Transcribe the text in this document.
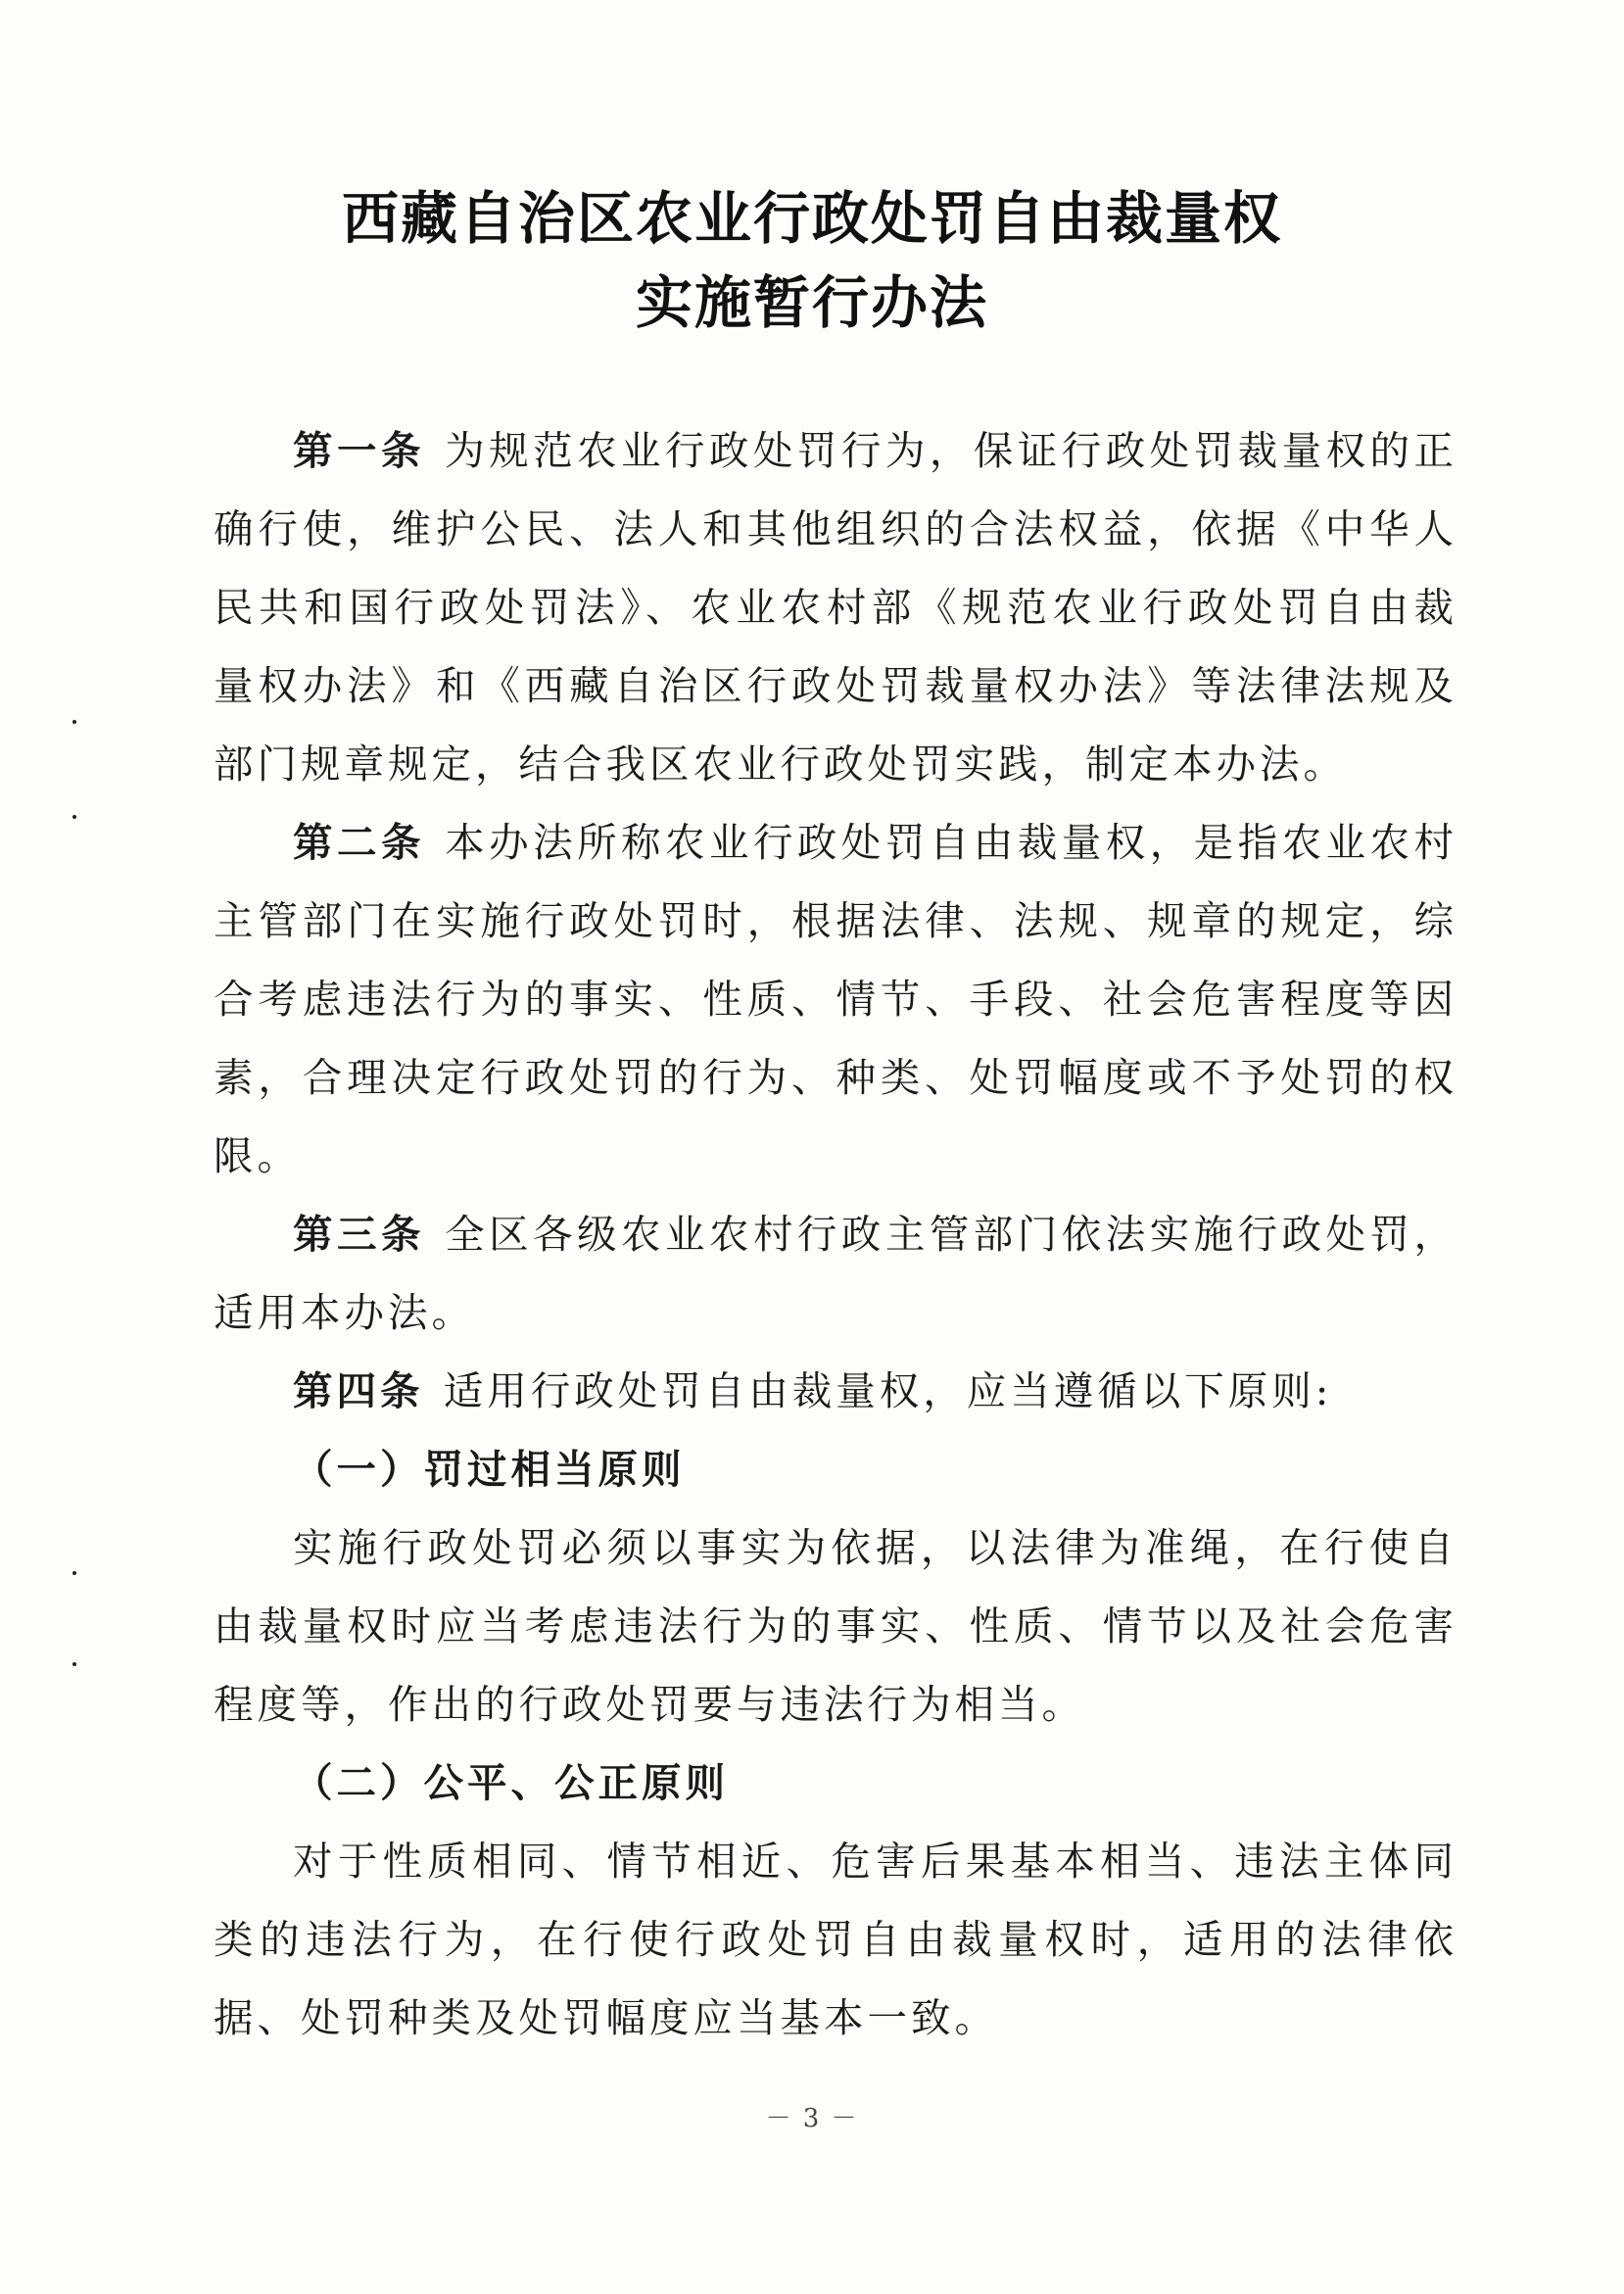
西藏自治区农业行政处罚自由裁量权
实施暂行办法

第一条 为规范农业行政处罚行为，保证行政处罚裁量权的正确行使，维护公民、法人和其他组织的合法权益，依据《中华人民共和国行政处罚法》、农业农村部《规范农业行政处罚自由裁量权办法》和《西藏自治区行政处罚裁量权办法》等法律法规及部门规章规定，结合我区农业行政处罚实践，制定本办法。

第二条 本办法所称农业行政处罚自由裁量权，是指农业农村主管部门在实施行政处罚时，根据法律、法规、规章的规定，综合考虑违法行为的事实、性质、情节、手段、社会危害程度等因素，合理决定行政处罚的行为、种类、处罚幅度或不予处罚的权限。

第三条 全区各级农业农村行政主管部门依法实施行政处罚，适用本办法。

第四条 适用行政处罚自由裁量权，应当遵循以下原则:

（一）罚过相当原则

实施行政处罚必须以事实为依据，以法律为准绳，在行使自由裁量权时应当考虑违法行为的事实、性质、情节以及社会危害程度等，作出的行政处罚要与违法行为相当。

（二）公平、公正原则

对于性质相同、情节相近、危害后果基本相当、违法主体同类的违法行为，在行使行政处罚自由裁量权时，适用的法律依据、处罚种类及处罚幅度应当基本一致。

－ 3 －
